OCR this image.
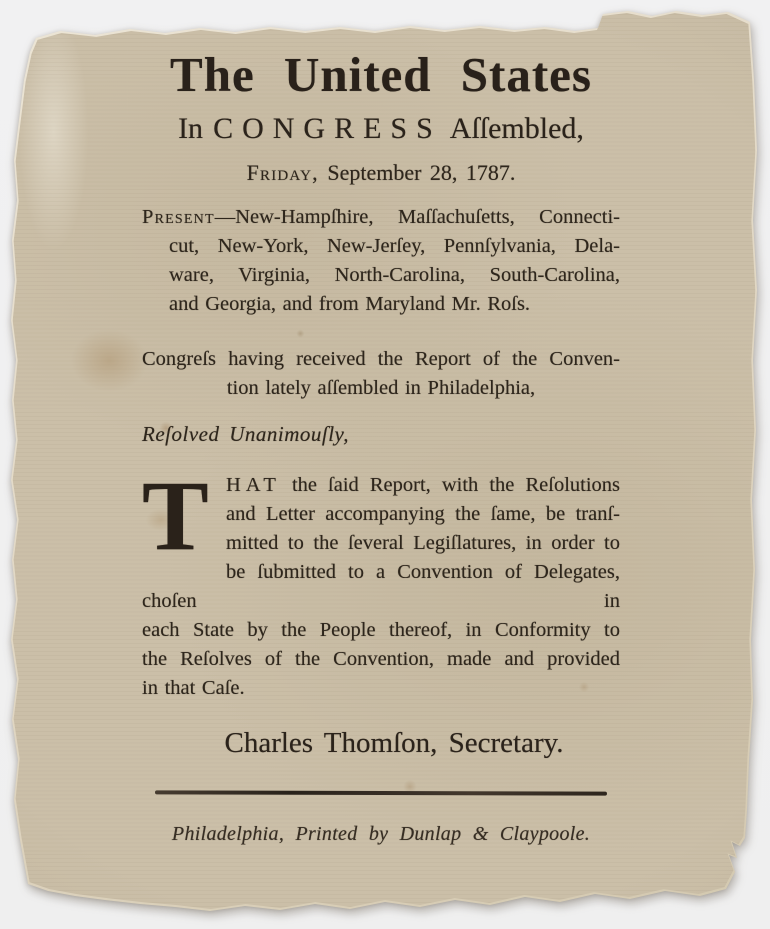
The United States
In CONGRESS Aſſembled,
Friday, September 28, 1787.
Present—New-Hampſhire, Maſſachuſetts, Connecti-
cut, New-York, New-Jerſey, Pennſylvania, Dela-
ware, Virginia, North-Carolina, South-Carolina,
and Georgia, and from Maryland Mr. Roſs.
Congreſs having received the Report of the Conven-
tion lately aſſembled in Philadelphia,
Reſolved Unanimouſly,
T HAT the ſaid Report, with the Reſolutions
and Letter accompanying the ſame, be tranſ-
mitted to the ſeveral Legiſlatures, in order to
be ſubmitted to a Convention of Delegates, choſen in
each State by the People thereof, in Conformity to
the Reſolves of the Convention, made and provided
in that Caſe.
Charles Thomſon, Secretary.
Philadelphia, Printed by Dunlap & Claypoole.
